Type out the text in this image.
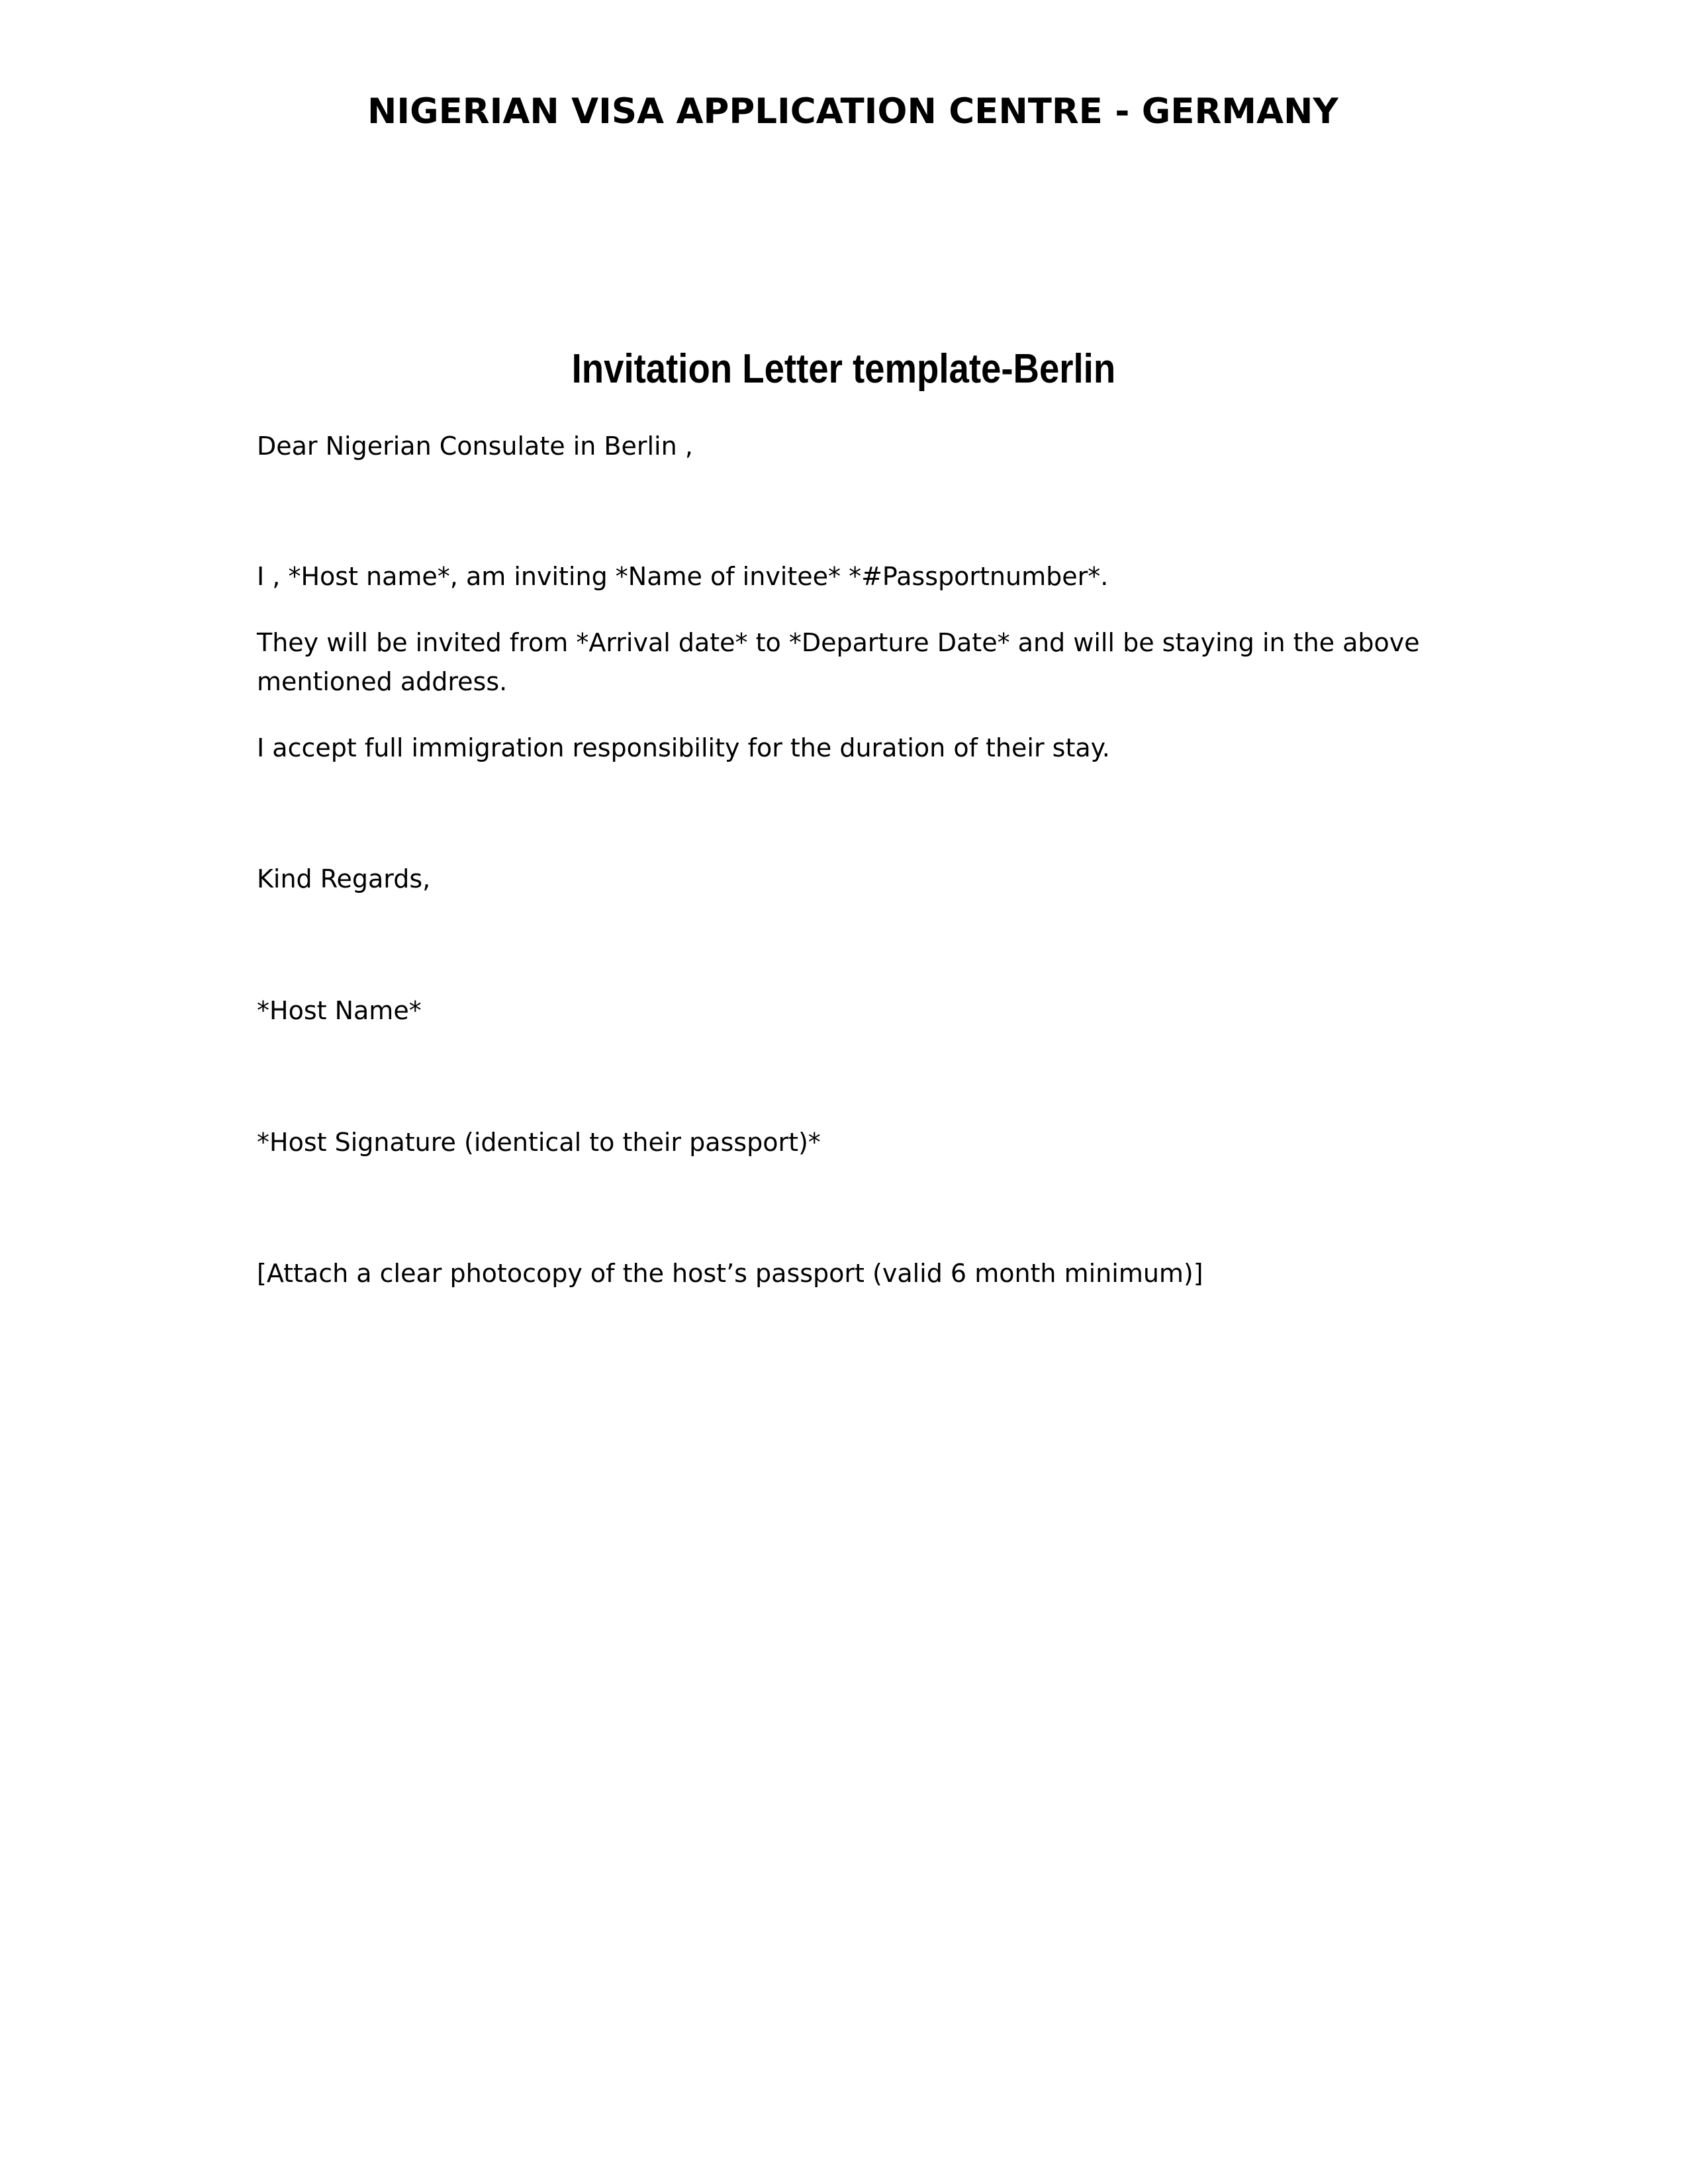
NIGERIAN VISA APPLICATION CENTRE - GERMANY
Invitation Letter template-Berlin
Dear Nigerian Consulate in Berlin ,
I , *Host name*, am inviting *Name of invitee* *#Passportnumber*.
They will be invited from *Arrival date* to *Departure Date* and will be staying in the above
mentioned address.
I accept full immigration responsibility for the duration of their stay.
Kind Regards,
*Host Name*
*Host Signature (identical to their passport)*
[Attach a clear photocopy of the host’s passport (valid 6 month minimum)]
